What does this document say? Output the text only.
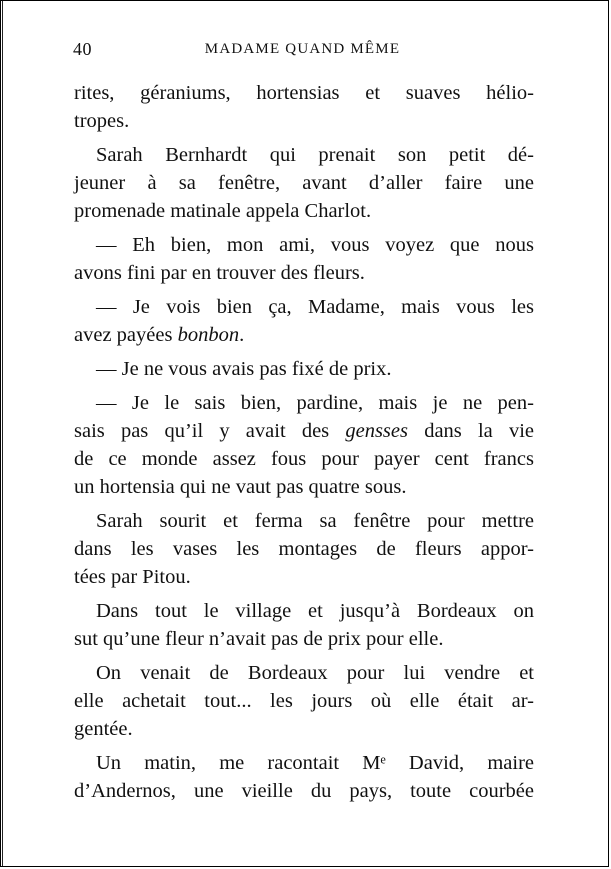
40	MADAME QUAND MÊME

rites, géraniums, hortensias et suaves hélio-
tropes.

Sarah Bernhardt qui prenait son petit dé-
jeuner à sa fenêtre, avant d’aller faire une
promenade matinale appela Charlot.

— Eh bien, mon ami, vous voyez que nous
avons fini par en trouver des fleurs.

— Je vois bien ça, Madame, mais vous les
avez payées bonbon.

— Je ne vous avais pas fixé de prix.

— Je le sais bien, pardine, mais je ne pen-
sais pas qu’il y avait des gensses dans la vie
de ce monde assez fous pour payer cent francs
un hortensia qui ne vaut pas quatre sous.

Sarah sourit et ferma sa fenêtre pour mettre
dans les vases les montages de fleurs appor-
tées par Pitou.

Dans tout le village et jusqu’à Bordeaux on
sut qu’une fleur n’avait pas de prix pour elle.

On venait de Bordeaux pour lui vendre et
elle achetait tout... les jours où elle était ar-
gentée.

Un matin, me racontait Mᵉ David, maire
d’Andernos, une vieille du pays, toute courbée
